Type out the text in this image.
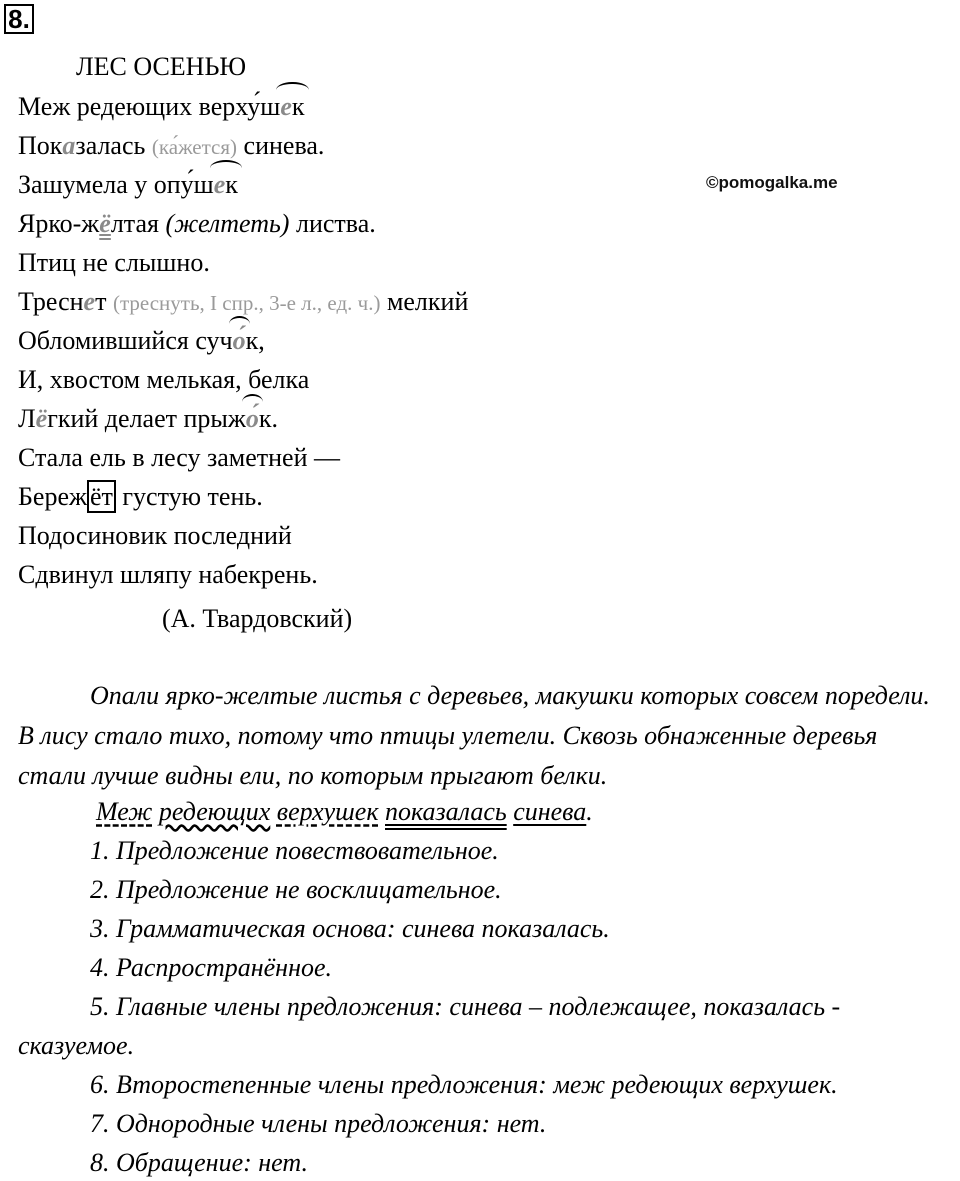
8.
©pomogalka.me
ЛЕС ОСЕНЬЮ
Меж редеющих верху́шек
Показалась (ка́жется) синева.
Зашумела у опу́шек
Ярко-жёлтая (желтеть) листва.
Птиц не слышно.
Треснет (треснуть, I спр., 3-е л., ед. ч.) мелкий
Обломившийся сучо́к,
И, хвостом мелькая, белка
Лёгкий делает прыжо́к.
Стала ель в лесу заметней —
Береж ёт густую тень.
Подосиновик последний
Сдвинул шляпу набекрень.
(А. Твардовский)
Опали ярко-желтые листья с деревьев, макушки которых совсем поредели. В лису стало тихо, потому что птицы улетели. Сквозь обнаженные деревья стали лучше видны ели, по которым прыгают белки.
Меж редеющих верхушек показалась синева.
1. Предложение повествовательное.
2. Предложение не восклицательное.
3. Грамматическая основа: синева показалась.
4. Распространённое.
5. Главные члены предложения: синева – подлежащее, показалась -
сказуемое.
6. Второстепенные члены предложения: меж редеющих верхушек.
7. Однородные члены предложения: нет.
8. Обращение: нет.
